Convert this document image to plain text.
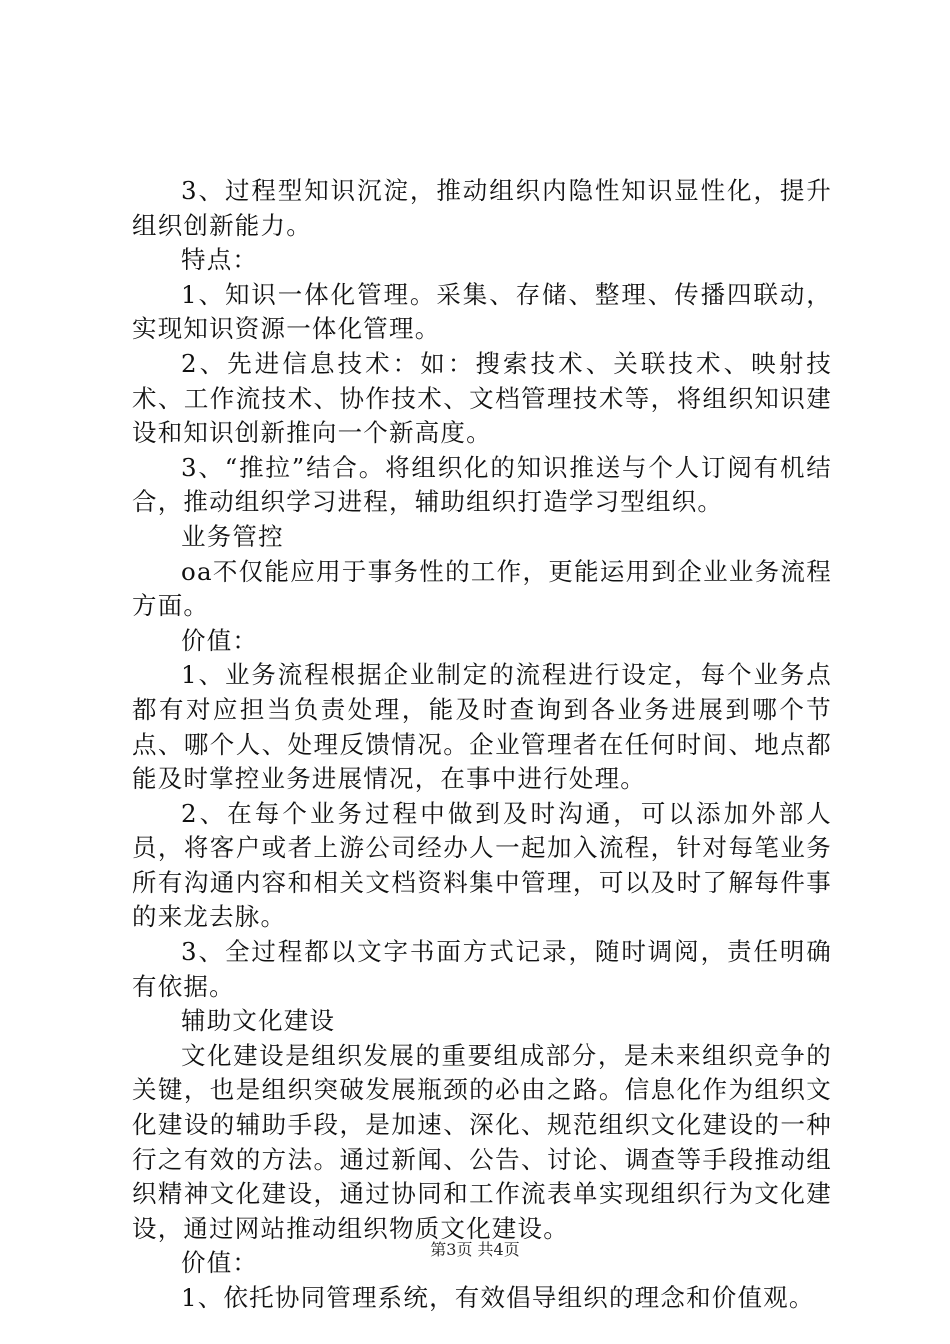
3、过程型知识沉淀，推动组织内隐性知识显性化，提升组织创新能力。

特点：

1、知识一体化管理。采集、存储、整理、传播四联动，实现知识资源一体化管理。

2、先进信息技术：如：搜索技术、关联技术、映射技术、工作流技术、协作技术、文档管理技术等，将组织知识建设和知识创新推向一个新高度。

3、“推拉”结合。将组织化的知识推送与个人订阅有机结合，推动组织学习进程，辅助组织打造学习型组织。

业务管控

oa不仅能应用于事务性的工作，更能运用到企业业务流程方面。

价值：

1、业务流程根据企业制定的流程进行设定，每个业务点都有对应担当负责处理，能及时查询到各业务进展到哪个节点、哪个人、处理反馈情况。企业管理者在任何时间、地点都能及时掌控业务进展情况，在事中进行处理。

2、在每个业务过程中做到及时沟通，可以添加外部人员，将客户或者上游公司经办人一起加入流程，针对每笔业务所有沟通内容和相关文档资料集中管理，可以及时了解每件事的来龙去脉。

3、全过程都以文字书面方式记录，随时调阅，责任明确有依据。

辅助文化建设

文化建设是组织发展的重要组成部分，是未来组织竞争的关键，也是组织突破发展瓶颈的必由之路。信息化作为组织文化建设的辅助手段，是加速、深化、规范组织文化建设的一种行之有效的方法。通过新闻、公告、讨论、调查等手段推动组织精神文化建设，通过协同和工作流表单实现组织行为文化建设，通过网站推动组织物质文化建设。

价值：

1、依托协同管理系统，有效倡导组织的理念和价值观。

第3页 共4页
